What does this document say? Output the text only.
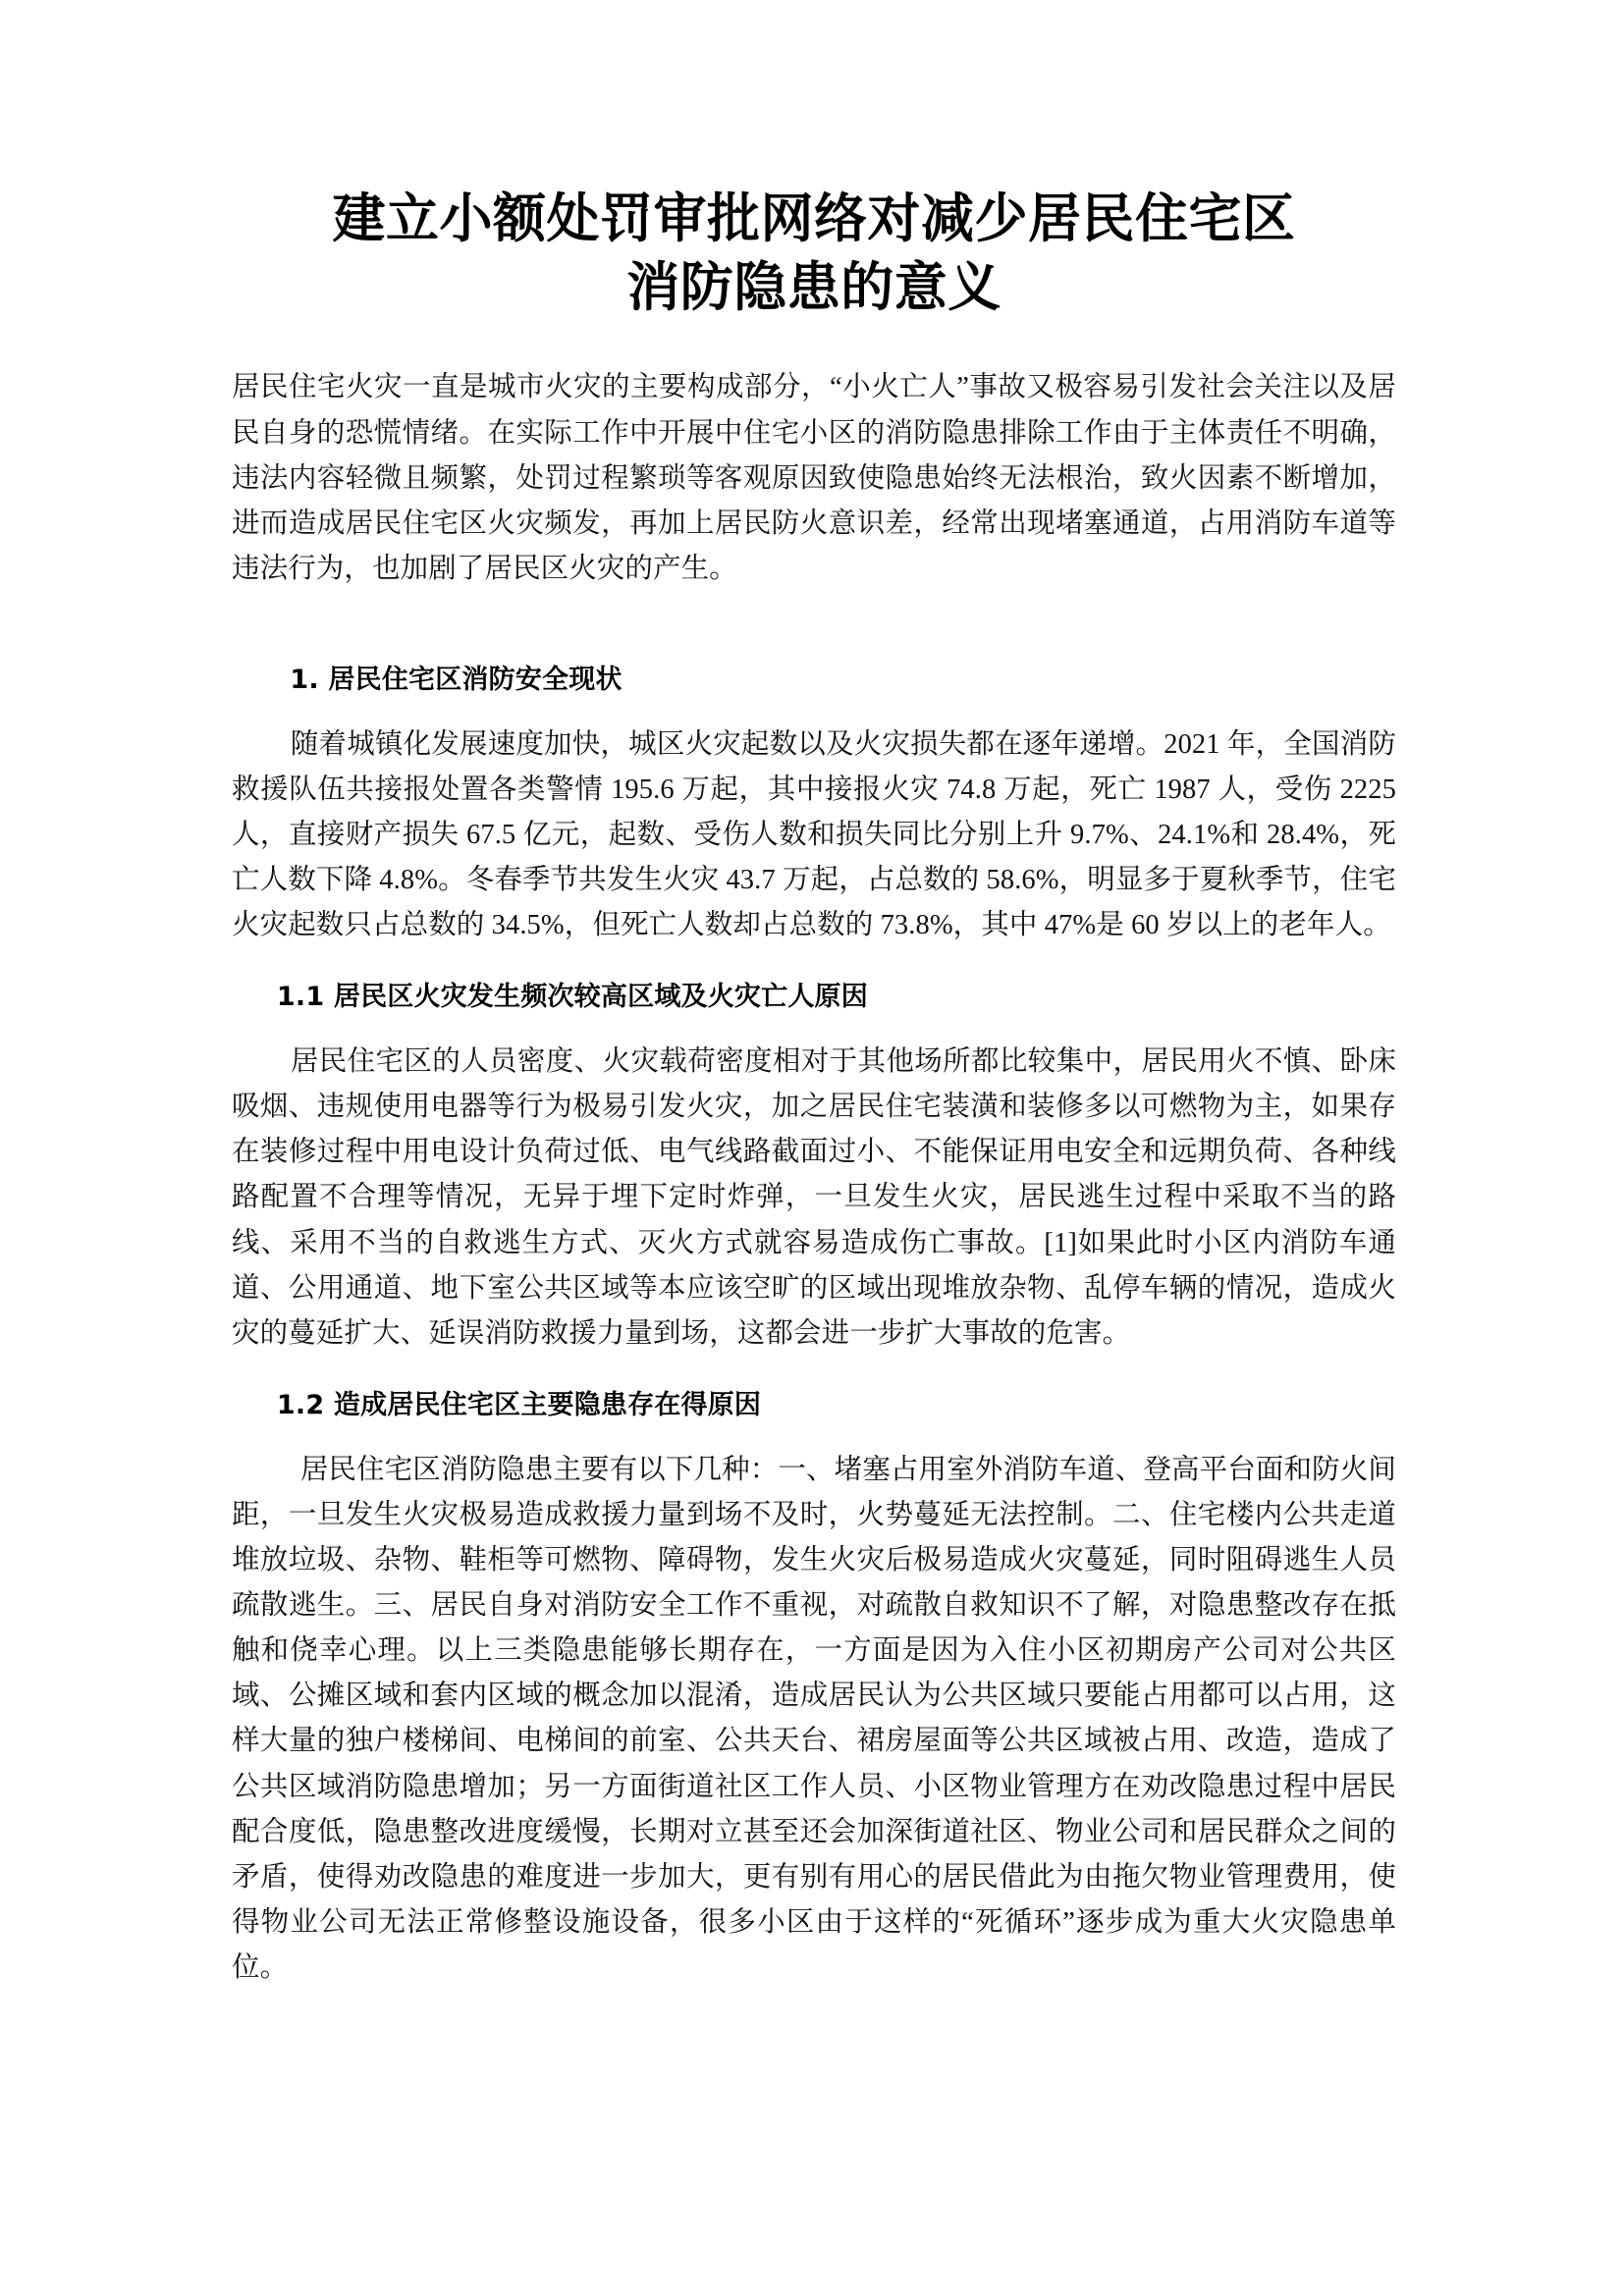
建立小额处罚审批网络对减少居民住宅区
消防隐患的意义

居民住宅火灾一直是城市火灾的主要构成部分，“小火亡人”事故又极容易引发社会关注以及居民自身的恐慌情绪。在实际工作中开展中住宅小区的消防隐患排除工作由于主体责任不明确，违法内容轻微且频繁，处罚过程繁琐等客观原因致使隐患始终无法根治，致火因素不断增加，进而造成居民住宅区火灾频发，再加上居民防火意识差，经常出现堵塞通道，占用消防车道等违法行为，也加剧了居民区火灾的产生。

1. 居民住宅区消防安全现状

随着城镇化发展速度加快，城区火灾起数以及火灾损失都在逐年递增。2021 年，全国消防救援队伍共接报处置各类警情 195.6 万起，其中接报火灾 74.8 万起，死亡 1987 人，受伤 2225 人，直接财产损失 67.5 亿元，起数、受伤人数和损失同比分别上升 9.7%、24.1%和 28.4%，死亡人数下降 4.8%。冬春季节共发生火灾 43.7 万起，占总数的 58.6%，明显多于夏秋季节，住宅火灾起数只占总数的 34.5%，但死亡人数却占总数的 73.8%，其中 47%是 60 岁以上的老年人。

1.1 居民区火灾发生频次较高区域及火灾亡人原因

居民住宅区的人员密度、火灾载荷密度相对于其他场所都比较集中，居民用火不慎、卧床吸烟、违规使用电器等行为极易引发火灾，加之居民住宅装潢和装修多以可燃物为主，如果存在装修过程中用电设计负荷过低、电气线路截面过小、不能保证用电安全和远期负荷、各种线路配置不合理等情况，无异于埋下定时炸弹，一旦发生火灾，居民逃生过程中采取不当的路线、采用不当的自救逃生方式、灭火方式就容易造成伤亡事故。[1]如果此时小区内消防车通道、公用通道、地下室公共区域等本应该空旷的区域出现堆放杂物、乱停车辆的情况，造成火灾的蔓延扩大、延误消防救援力量到场，这都会进一步扩大事故的危害。

1.2 造成居民住宅区主要隐患存在得原因

居民住宅区消防隐患主要有以下几种：一、堵塞占用室外消防车道、登高平台面和防火间距，一旦发生火灾极易造成救援力量到场不及时，火势蔓延无法控制。二、住宅楼内公共走道堆放垃圾、杂物、鞋柜等可燃物、障碍物，发生火灾后极易造成火灾蔓延，同时阻碍逃生人员疏散逃生。三、居民自身对消防安全工作不重视，对疏散自救知识不了解，对隐患整改存在抵触和侥幸心理。以上三类隐患能够长期存在，一方面是因为入住小区初期房产公司对公共区域、公摊区域和套内区域的概念加以混淆，造成居民认为公共区域只要能占用都可以占用，这样大量的独户楼梯间、电梯间的前室、公共天台、裙房屋面等公共区域被占用、改造，造成了公共区域消防隐患增加；另一方面街道社区工作人员、小区物业管理方在劝改隐患过程中居民配合度低，隐患整改进度缓慢，长期对立甚至还会加深街道社区、物业公司和居民群众之间的矛盾，使得劝改隐患的难度进一步加大，更有别有用心的居民借此为由拖欠物业管理费用，使得物业公司无法正常修整设施设备，很多小区由于这样的“死循环”逐步成为重大火灾隐患单位。
